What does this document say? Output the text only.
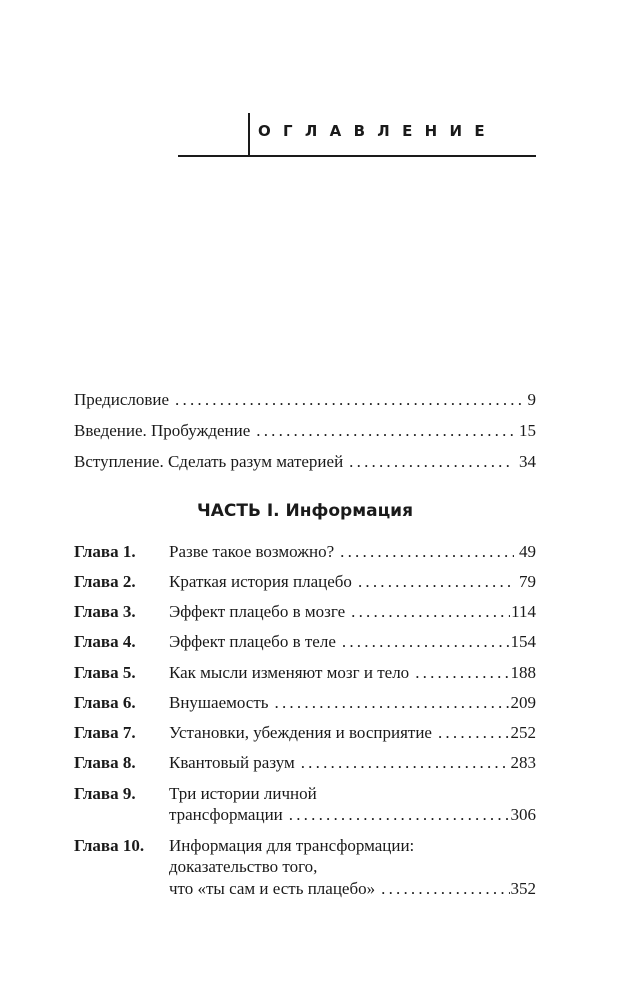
ОГЛАВЛЕНИЕ
Предисловие .....	9
Введение. Пробуждение .....	15
Вступление. Сделать разум материей .....	34
ЧАСТЬ I. Информация
Глава 1. Разве такое возможно? .....	49
Глава 2. Краткая история плацебо .....	79
Глава 3. Эффект плацебо в мозге .....	114
Глава 4. Эффект плацебо в теле .....	154
Глава 5. Как мысли изменяют мозг и тело .....	188
Глава 6. Внушаемость .....	209
Глава 7. Установки, убеждения и восприятие .....	252
Глава 8. Квантовый разум .....	283
Глава 9. Три истории личной
трансформации .....	306
Глава 10. Информация для трансформации:
доказательство того,
что «ты сам и есть плацебо» .....	352
